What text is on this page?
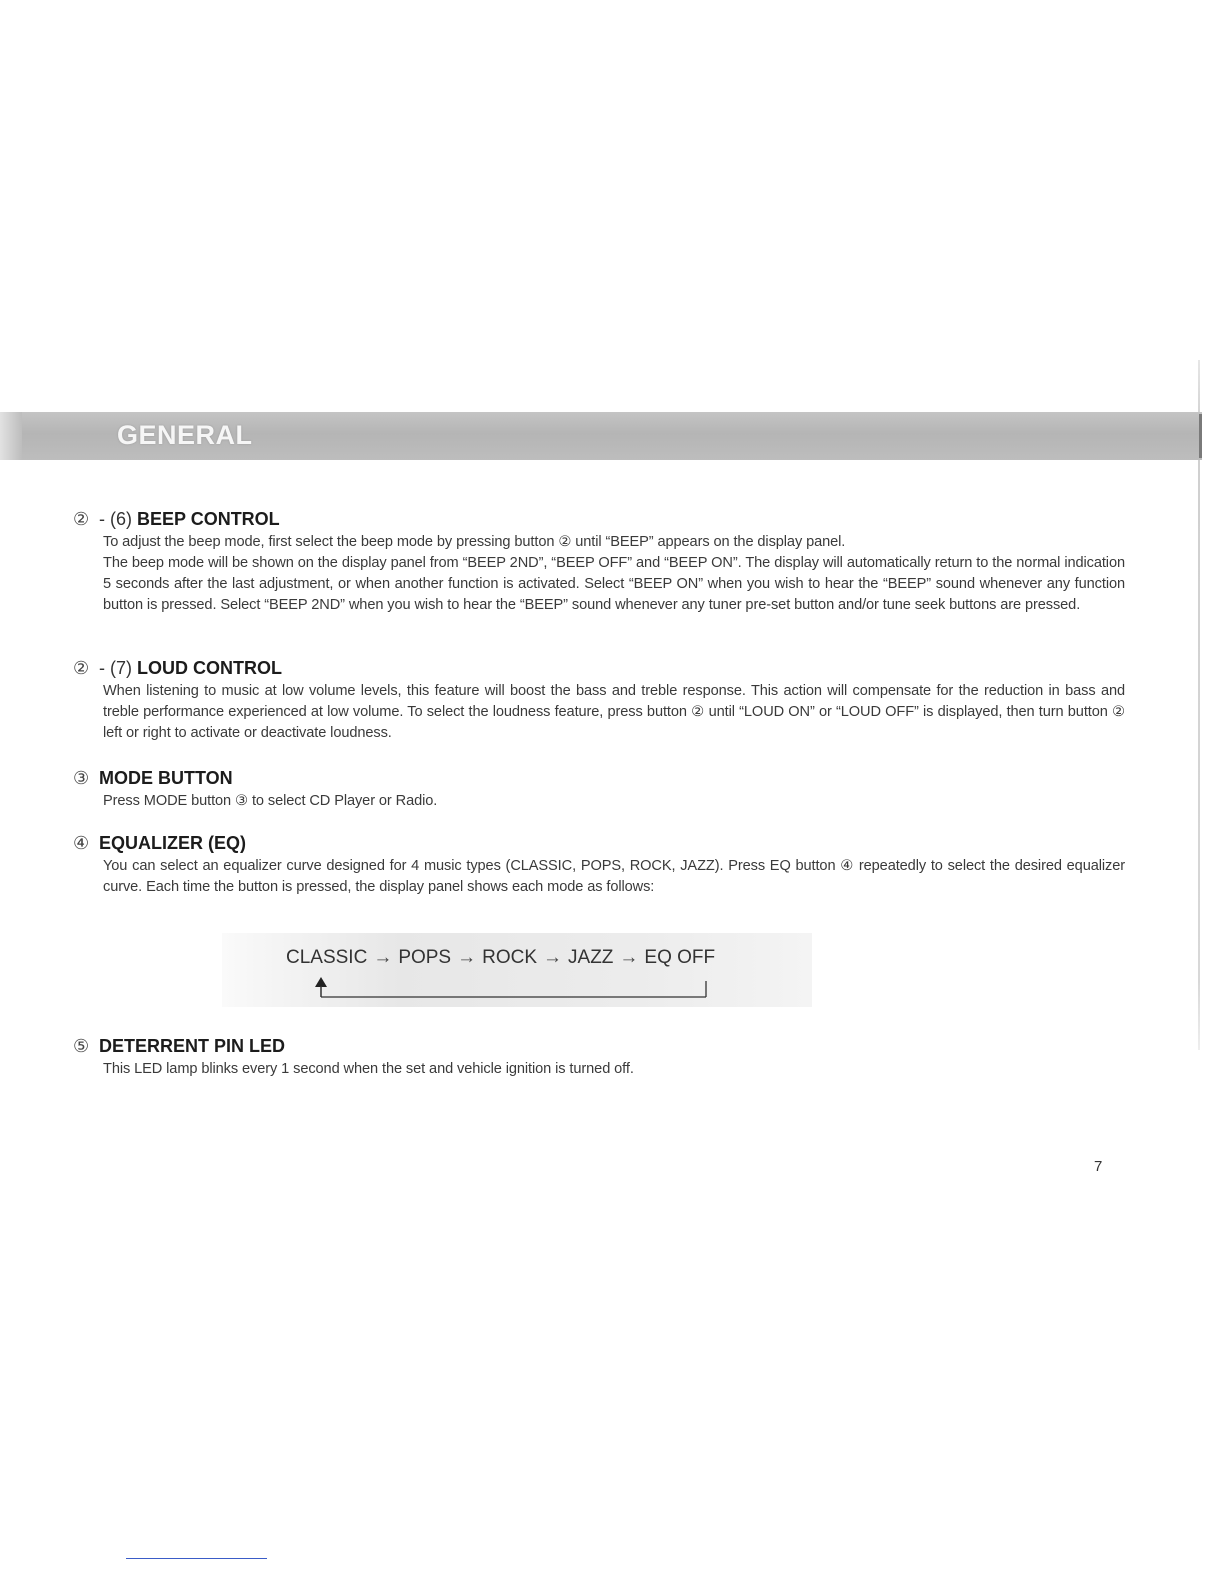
GENERAL
② - (6) BEEP CONTROL
To adjust the beep mode, first select the beep mode by pressing button ② until “BEEP” appears on the display panel.
The beep mode will be shown on the display panel from “BEEP 2ND”, “BEEP OFF” and “BEEP ON”. The display will automatically return to the normal indication 5 seconds after the last adjustment, or when another function is activated. Select “BEEP ON” when you wish to hear the “BEEP” sound whenever any function button is pressed. Select “BEEP 2ND” when you wish to hear the “BEEP” sound whenever any tuner pre-set button and/or tune seek buttons are pressed.
② - (7) LOUD CONTROL
When listening to music at low volume levels, this feature will boost the bass and treble response. This action will compensate for the reduction in bass and treble performance experienced at low volume. To select the loudness feature, press button ② until “LOUD ON” or “LOUD OFF” is displayed, then turn button ② left or right to activate or deactivate loudness.
③ MODE BUTTON
Press MODE button ③ to select CD Player or Radio.
④ EQUALIZER (EQ)
You can select an equalizer curve designed for 4 music types (CLASSIC, POPS, ROCK, JAZZ). Press EQ button ④ repeatedly to select the desired equalizer curve. Each time the button is pressed, the display panel shows each mode as follows:
CLASSIC → POPS → ROCK → JAZZ → EQ OFF
⑤ DETERRENT PIN LED
This LED lamp blinks every 1 second when the set and vehicle ignition is turned off.
7
